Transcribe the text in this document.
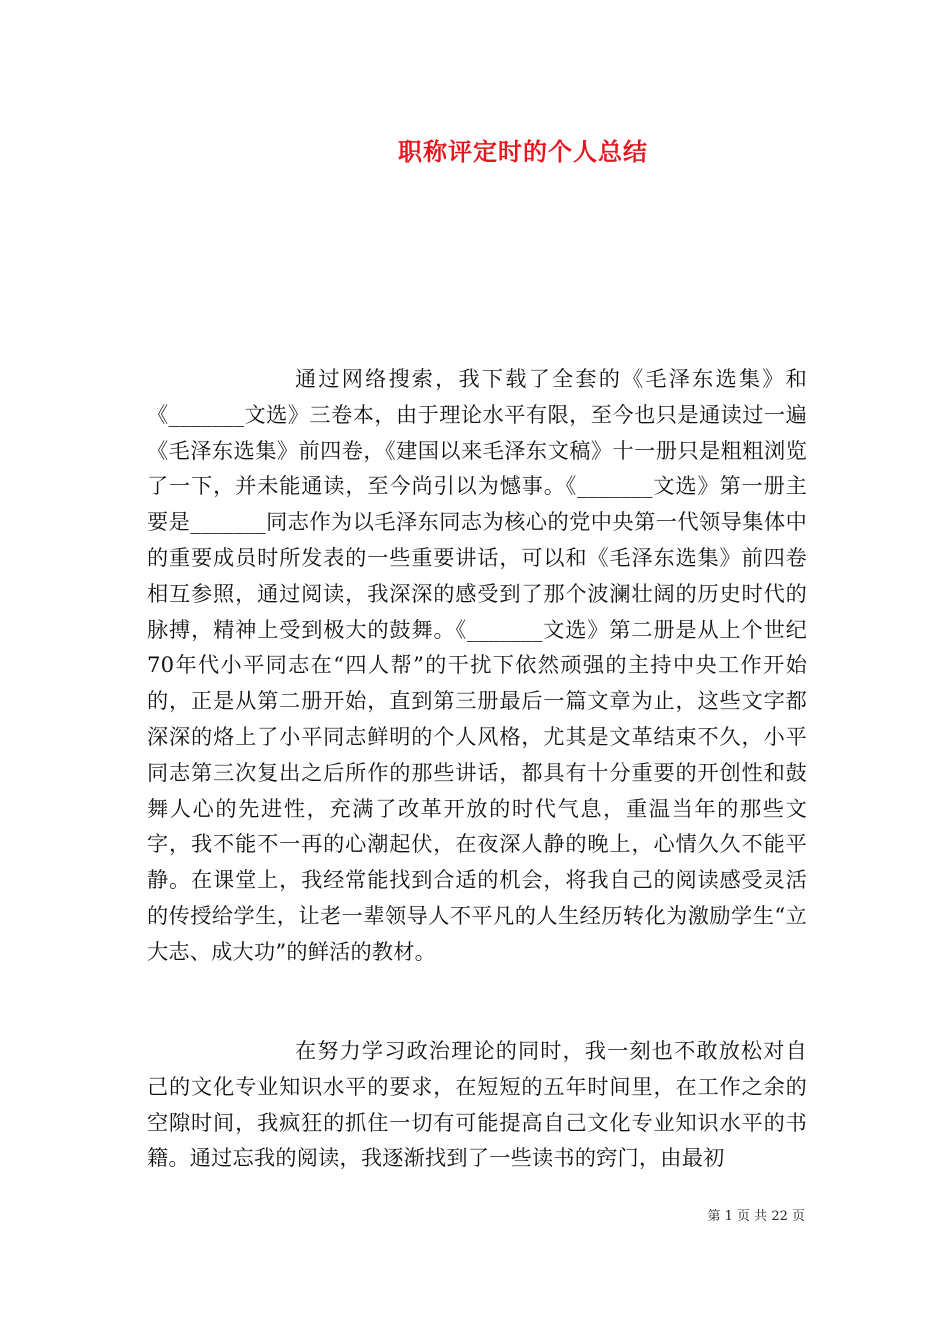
职称评定时的个人总结

通过网络搜索，我下载了全套的《毛泽东选集》和《_______文选》三卷本，由于理论水平有限，至今也只是通读过一遍《毛泽东选集》前四卷，《建国以来毛泽东文稿》十一册只是粗粗浏览了一下，并未能通读，至今尚引以为憾事。《_______文选》第一册主要是_______同志作为以毛泽东同志为核心的党中央第一代领导集体中的重要成员时所发表的一些重要讲话，可以和《毛泽东选集》前四卷相互参照，通过阅读，我深深的感受到了那个波澜壮阔的历史时代的脉搏，精神上受到极大的鼓舞。《_______文选》第二册是从上个世纪70年代小平同志在“四人帮”的干扰下依然顽强的主持中央工作开始的，正是从第二册开始，直到第三册最后一篇文章为止，这些文字都深深的烙上了小平同志鲜明的个人风格，尤其是文革结束不久，小平同志第三次复出之后所作的那些讲话，都具有十分重要的开创性和鼓舞人心的先进性，充满了改革开放的时代气息，重温当年的那些文字，我不能不一再的心潮起伏，在夜深人静的晚上，心情久久不能平静。在课堂上，我经常能找到合适的机会，将我自己的阅读感受灵活的传授给学生，让老一辈领导人不平凡的人生经历转化为激励学生“立大志、成大功”的鲜活的教材。

在努力学习政治理论的同时，我一刻也不敢放松对自己的文化专业知识水平的要求，在短短的五年时间里，在工作之余的空隙时间，我疯狂的抓住一切有可能提高自己文化专业知识水平的书籍。通过忘我的阅读，我逐渐找到了一些读书的窍门，由最初

第 1 页 共 22 页
